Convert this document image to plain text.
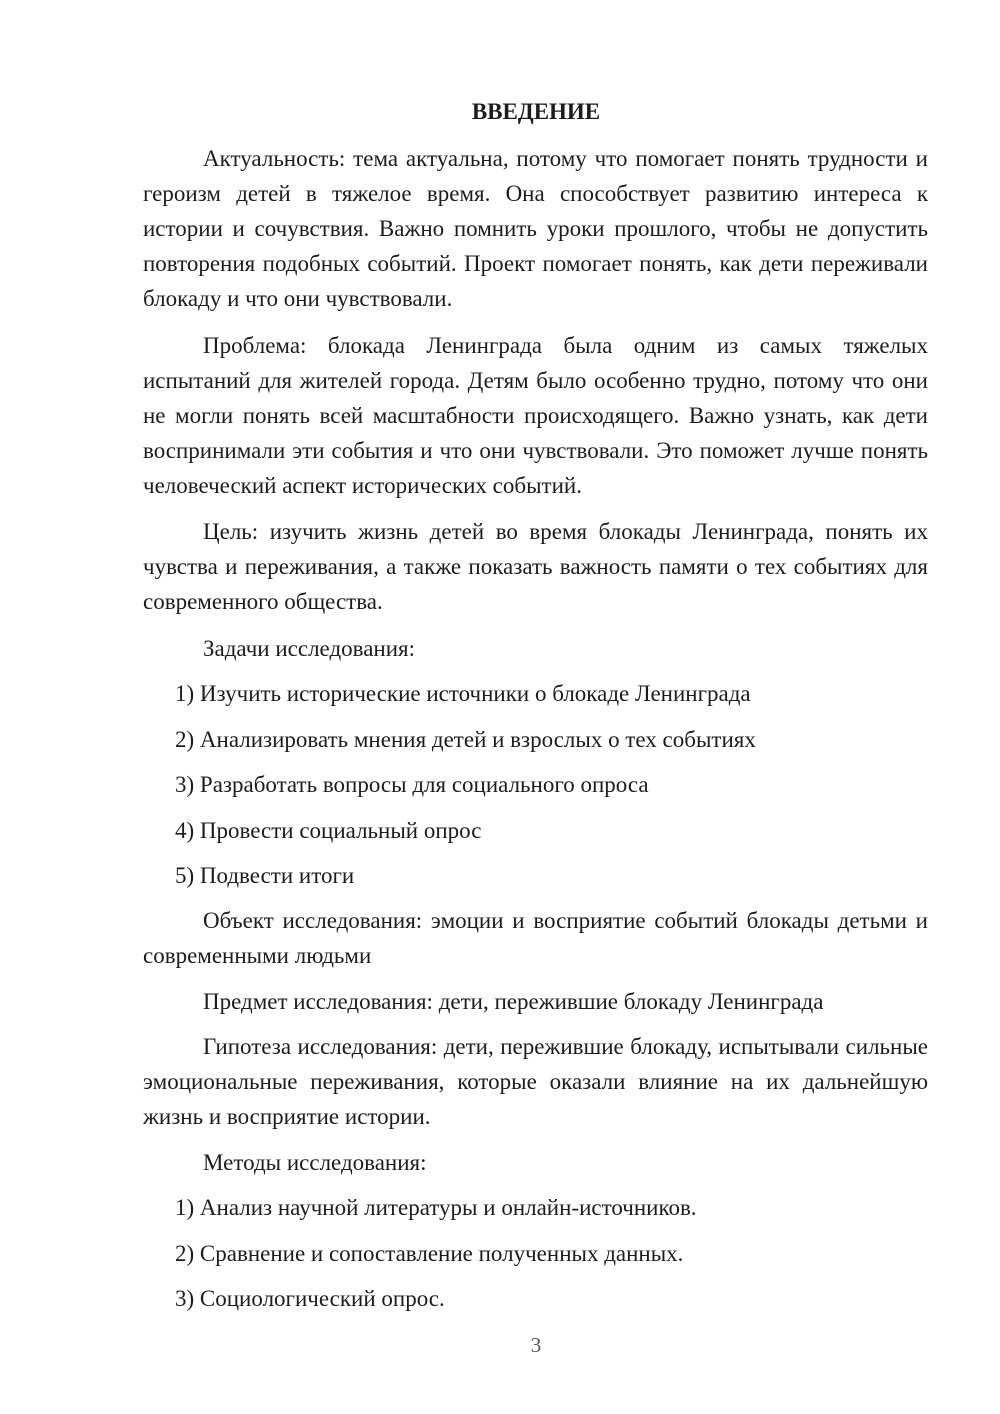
ВВЕДЕНИЕ

Актуальность: тема актуальна, потому что помогает понять трудности и героизм детей в тяжелое время. Она способствует развитию интереса к истории и сочувствия. Важно помнить уроки прошлого, чтобы не допустить повторения подобных событий. Проект помогает понять, как дети переживали блокаду и что они чувствовали.

Проблема: блокада Ленинграда была одним из самых тяжелых испытаний для жителей города. Детям было особенно трудно, потому что они не могли понять всей масштабности происходящего. Важно узнать, как дети воспринимали эти события и что они чувствовали. Это поможет лучше понять человеческий аспект исторических событий.

Цель: изучить жизнь детей во время блокады Ленинграда, понять их чувства и переживания, а также показать важность памяти о тех событиях для современного общества.

Задачи исследования:
1) Изучить исторические источники о блокаде Ленинграда
2) Анализировать мнения детей и взрослых о тех событиях
3) Разработать вопросы для социального опроса
4) Провести социальный опрос
5) Подвести итоги

Объект исследования: эмоции и восприятие событий блокады детьми и современными людьми

Предмет исследования: дети, пережившие блокаду Ленинграда

Гипотеза исследования: дети, пережившие блокаду, испытывали сильные эмоциональные переживания, которые оказали влияние на их дальнейшую жизнь и восприятие истории.

Методы исследования:
1) Анализ научной литературы и онлайн-источников.
2) Сравнение и сопоставление полученных данных.
3) Социологический опрос.
3
